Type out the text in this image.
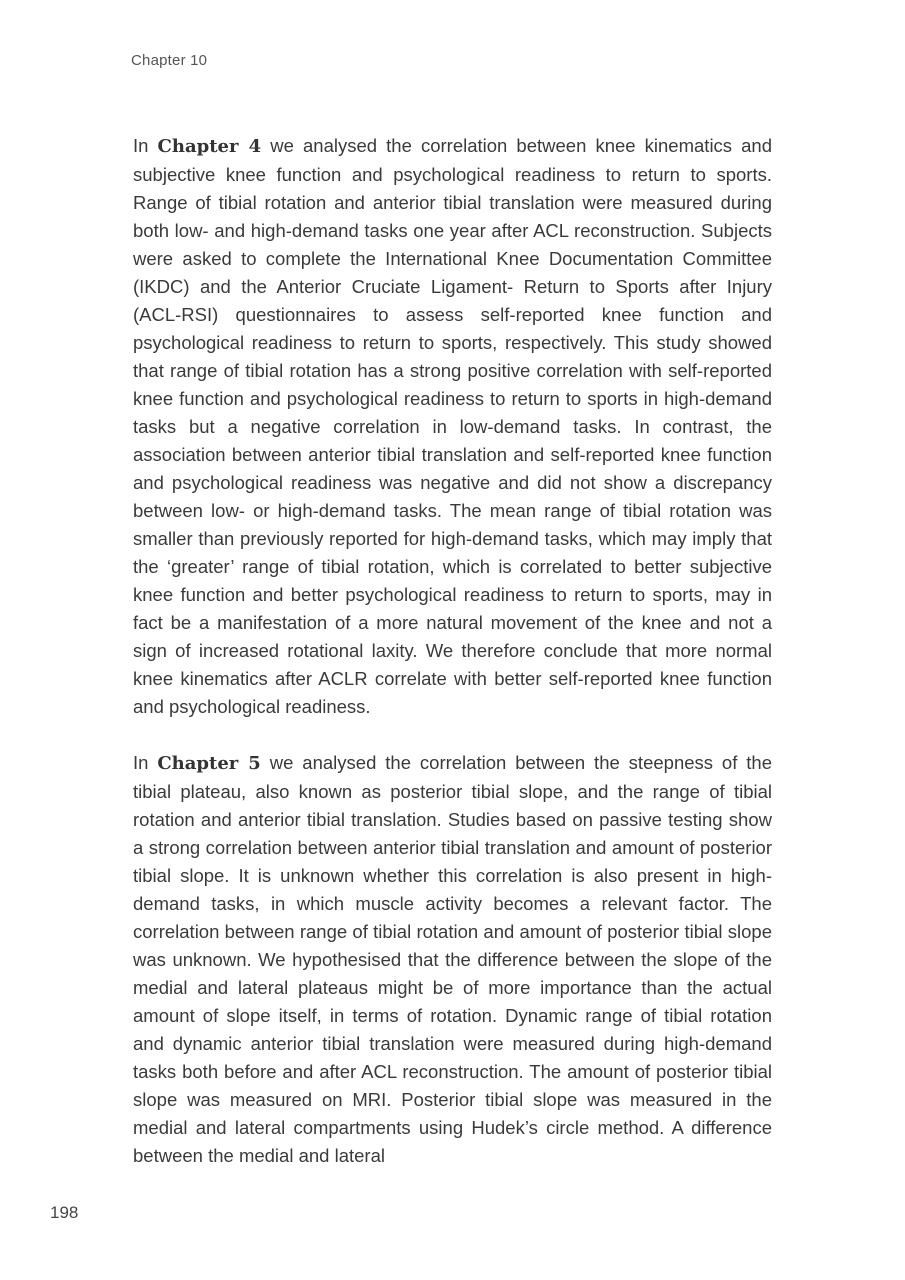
Chapter 10

In Chapter 4 we analysed the correlation between knee kinematics and subjective knee function and psychological readiness to return to sports. Range of tibial rotation and anterior tibial translation were measured during both low- and high-demand tasks one year after ACL reconstruction. Subjects were asked to complete the International Knee Documentation Committee (IKDC) and the Anterior Cruciate Ligament- Return to Sports after Injury (ACL-RSI) questionnaires to assess self-reported knee function and psychological readiness to return to sports, respectively. This study showed that range of tibial rotation has a strong positive correlation with self-reported knee function and psychological readiness to return to sports in high-demand tasks but a negative correlation in low-demand tasks. In contrast, the association between anterior tibial translation and self-reported knee function and psychological readiness was negative and did not show a discrepancy between low- or high-demand tasks. The mean range of tibial rotation was smaller than previously reported for high-demand tasks, which may imply that the ‘greater’ range of tibial rotation, which is correlated to better subjective knee function and better psychological readiness to return to sports, may in fact be a manifestation of a more natural movement of the knee and not a sign of increased rotational laxity. We therefore conclude that more normal knee kinematics after ACLR correlate with better self-reported knee function and psychological readiness.

In Chapter 5 we analysed the correlation between the steepness of the tibial plateau, also known as posterior tibial slope, and the range of tibial rotation and anterior tibial translation. Studies based on passive testing show a strong correlation between anterior tibial translation and amount of posterior tibial slope. It is unknown whether this correlation is also present in high-demand tasks, in which muscle activity becomes a relevant factor. The correlation between range of tibial rotation and amount of posterior tibial slope was unknown. We hypothesised that the difference between the slope of the medial and lateral plateaus might be of more importance than the actual amount of slope itself, in terms of rotation. Dynamic range of tibial rotation and dynamic anterior tibial translation were measured during high-demand tasks both before and after ACL reconstruction. The amount of posterior tibial slope was measured on MRI. Posterior tibial slope was measured in the medial and lateral compartments using Hudek’s circle method. A difference between the medial and lateral

198
